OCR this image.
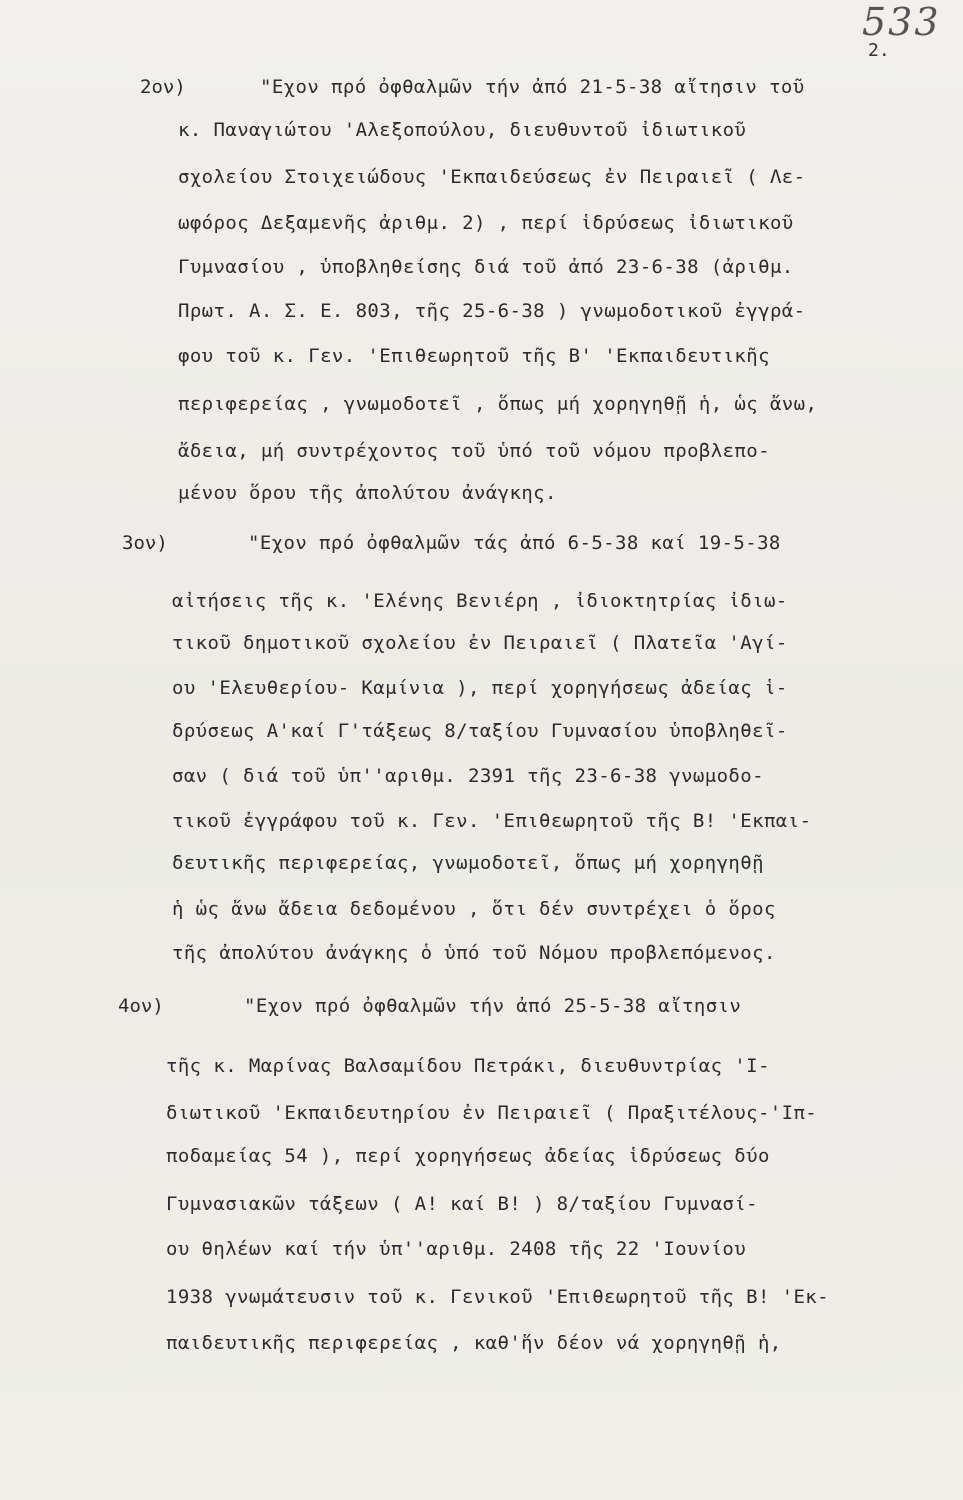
533
2.
2ον)	"Εχον πρό ὀφθαλμῶν τήν ἀπό 21-5-38 αἴτησιν τοῦ
κ. Παναγιώτου 'Αλεξοπούλου, διευθυντοῦ ἰδιωτικοῦ
σχολείου Στοιχειώδους 'Εκπαιδεύσεως ἐν Πειραιεῖ ( Λε-
ωφόρος Δεξαμενῆς ἀριθμ. 2) , περί ἱδρύσεως ἰδιωτικοῦ
Γυμνασίου , ὑποβληθείσης διά τοῦ ἀπό 23-6-38 (ἀριθμ.
Πρωτ. Α. Σ. Ε. 803, τῆς 25-6-38 ) γνωμοδοτικοῦ ἐγγρά-
φου τοῦ κ. Γεν. 'Επιθεωρητοῦ τῆς Β' 'Εκπαιδευτικῆς
περιφερείας , γνωμοδοτεῖ , ὅπως μή χορηγηθῇ ἡ, ὡς ἄνω,
ἄδεια, μή συντρέχοντος τοῦ ὑπό τοῦ νόμου προβλεπο-
μένου ὅρου τῆς ἀπολύτου ἀνάγκης.
3ον)	"Εχον πρό ὀφθαλμῶν τάς ἀπό 6-5-38 καί 19-5-38
αἰτήσεις τῆς κ. 'Ελένης Βενιέρη , ἰδιοκτητρίας ἰδιω-
τικοῦ δημοτικοῦ σχολείου ἐν Πειραιεῖ ( Πλατεῖα 'Αγί-
ου 'Ελευθερίου- Καμίνια ), περί χορηγήσεως ἀδείας ἱ-
δρύσεως Α'καί Γ'τάξεως 8/ταξίου Γυμνασίου ὑποβληθεῖ-
σαν ( διά τοῦ ὑπ''αριθμ. 2391 τῆς 23-6-38 γνωμοδο-
τικοῦ ἐγγράφου τοῦ κ. Γεν. 'Επιθεωρητοῦ τῆς Β! 'Εκπαι-
δευτικῆς περιφερείας, γνωμοδοτεῖ, ὅπως μή χορηγηθῇ
ἡ ὡς ἄνω ἄδεια δεδομένου , ὅτι δέν συντρέχει ὁ ὅρος
τῆς ἀπολύτου ἀνάγκης ὁ ὑπό τοῦ Νόμου προβλεπόμενος.
4ον)	"Εχον πρό ὀφθαλμῶν τήν ἀπό 25-5-38 αἴτησιν
τῆς κ. Μαρίνας Βαλσαμίδου Πετράκι, διευθυντρίας 'Ι-
διωτικοῦ 'Εκπαιδευτηρίου ἐν Πειραιεῖ ( Πραξιτέλους-'Ιπ-
ποδαμείας 54 ), περί χορηγήσεως ἀδείας ἱδρύσεως δύο
Γυμνασιακῶν τάξεων ( Α! καί Β! ) 8/ταξίου Γυμνασί-
ου θηλέων καί τήν ὑπ''αριθμ. 2408 τῆς 22 'Ιουνίου
1938 γνωμάτευσιν τοῦ κ. Γενικοῦ 'Επιθεωρητοῦ τῆς Β! 'Εκ-
παιδευτικῆς περιφερείας , καθ'ἥν δέον νά χορηγηθῇ ἡ,
